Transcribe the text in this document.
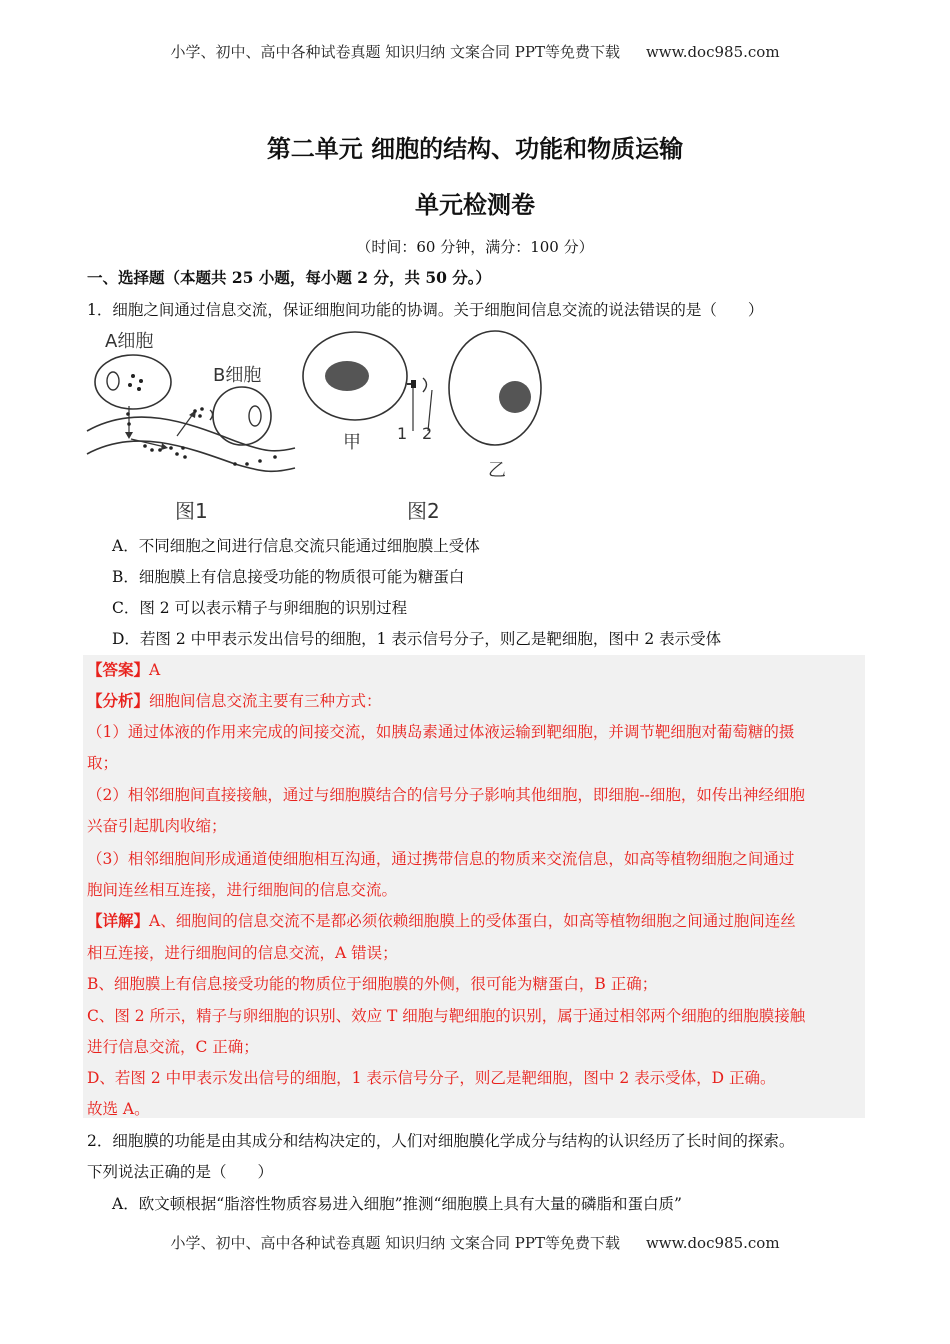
小学、初中、高中各种试卷真题 知识归纳 文案合同 PPT等免费下载 www.doc985.com
第二单元 细胞的结构、功能和物质运输
单元检测卷
（时间：60 分钟，满分：100 分）
一、选择题（本题共 25 小题，每小题 2 分，共 50 分。）
1．细胞之间通过信息交流，保证细胞间功能的协调。关于细胞间信息交流的说法错误的是（　　）
A细胞
B细胞
图1
甲 1 2
乙
图2
A．不同细胞之间进行信息交流只能通过细胞膜上受体
B．细胞膜上有信息接受功能的物质很可能为糖蛋白
C．图 2 可以表示精子与卵细胞的识别过程
D．若图 2 中甲表示发出信号的细胞，1 表示信号分子，则乙是靶细胞，图中 2 表示受体
【答案】A
【分析】细胞间信息交流主要有三种方式：
（1）通过体液的作用来完成的间接交流，如胰岛素通过体液运输到靶细胞，并调节靶细胞对葡萄糖的摄
取；
（2）相邻细胞间直接接触，通过与细胞膜结合的信号分子影响其他细胞，即细胞--细胞，如传出神经细胞
兴奋引起肌肉收缩；
（3）相邻细胞间形成通道使细胞相互沟通，通过携带信息的物质来交流信息，如高等植物细胞之间通过
胞间连丝相互连接，进行细胞间的信息交流。
【详解】A、细胞间的信息交流不是都必须依赖细胞膜上的受体蛋白，如高等植物细胞之间通过胞间连丝
相互连接，进行细胞间的信息交流，A 错误；
B、细胞膜上有信息接受功能的物质位于细胞膜的外侧，很可能为糖蛋白，B 正确；
C、图 2 所示，精子与卵细胞的识别、效应 T 细胞与靶细胞的识别，属于通过相邻两个细胞的细胞膜接触
进行信息交流，C 正确；
D、若图 2 中甲表示发出信号的细胞，1 表示信号分子，则乙是靶细胞，图中 2 表示受体，D 正确。
故选 A。
2．细胞膜的功能是由其成分和结构决定的，人们对细胞膜化学成分与结构的认识经历了长时间的探索。
下列说法正确的是（　　）
A．欧文顿根据“脂溶性物质容易进入细胞”推测“细胞膜上具有大量的磷脂和蛋白质”
小学、初中、高中各种试卷真题 知识归纳 文案合同 PPT等免费下载 www.doc985.com
